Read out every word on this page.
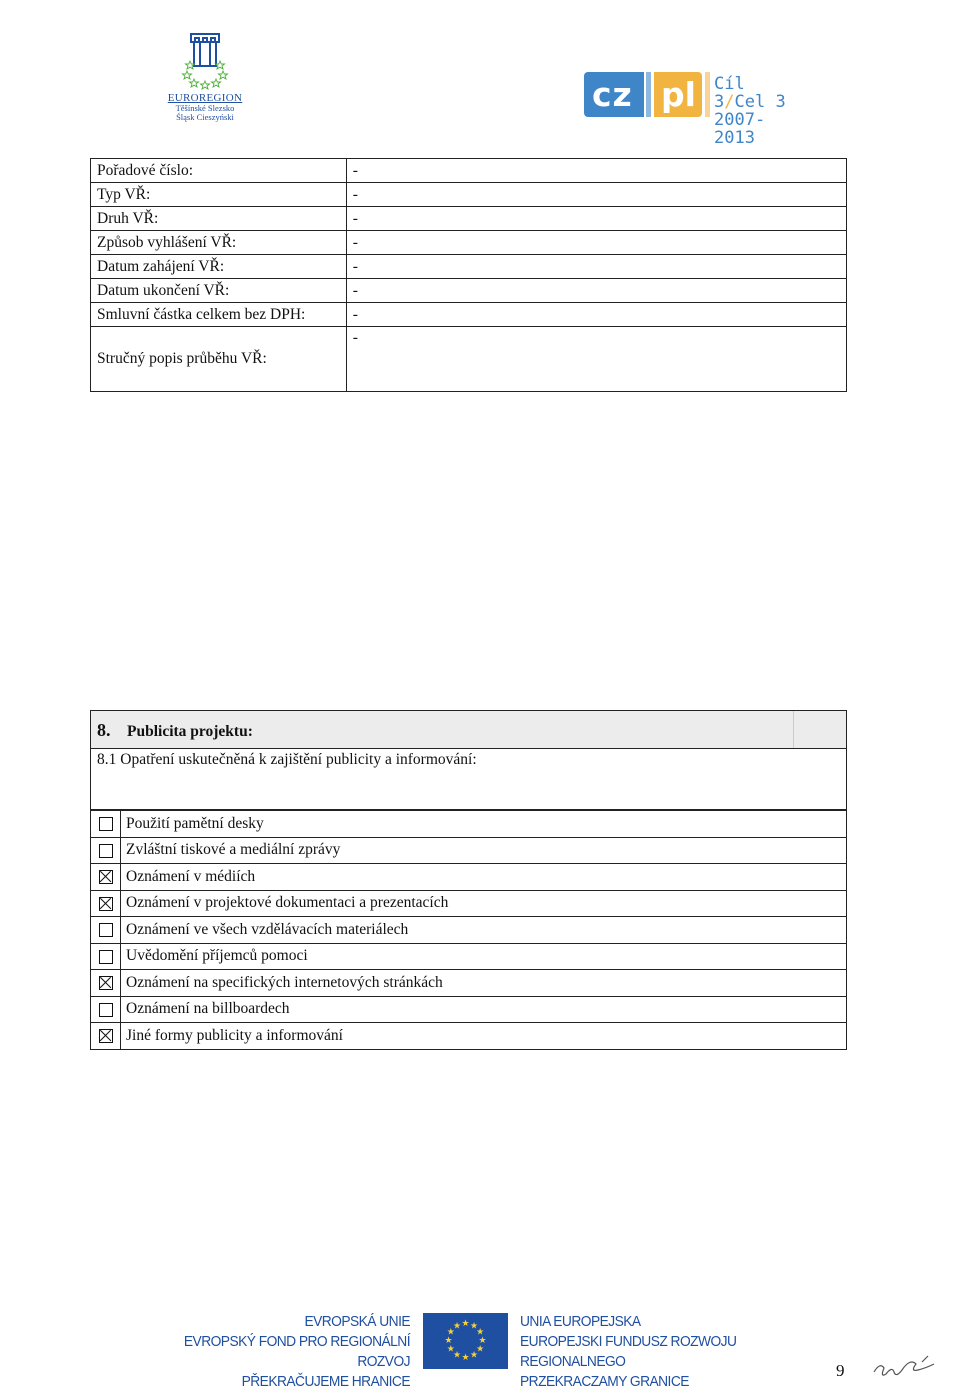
EUROREGION
Těšínské Slezsko
Śląsk Cieszyński
cz pl Cíl 3/Cel 3
2007-2013
Pořadové číslo:	-
Typ VŘ:	-
Druh VŘ:	-
Způsob vyhlášení VŘ:	-
Datum zahájení VŘ:	-
Datum ukončení VŘ:	-
Smluvní částka celkem bez DPH:	-
Stručný popis průběhu VŘ:	-
8. Publicita projektu:
8.1 Opatření uskutečněná k zajištění publicity a informování:
	Použití pamětní desky
	Zvláštní tiskové a mediální zprávy
	Oznámení v médiích
	Oznámení v projektové dokumentaci a prezentacích
	Oznámení ve všech vzdělávacích materiálech
	Uvědomění příjemců pomoci
	Oznámení na specifických internetových stránkách
	Oznámení na billboardech
	Jiné formy publicity a informování
EVROPSKÁ UNIE
EVROPSKÝ FOND PRO REGIONÁLNÍ ROZVOJ
PŘEKRAČUJEME HRANICE
★ ★
★
★
★
★
★
★
★
★
★
★	UNIA EUROPEJSKA
EUROPEJSKI FUNDUSZ ROZWOJU REGIONALNEGO
PRZEKRACZAMY GRANICE
9
